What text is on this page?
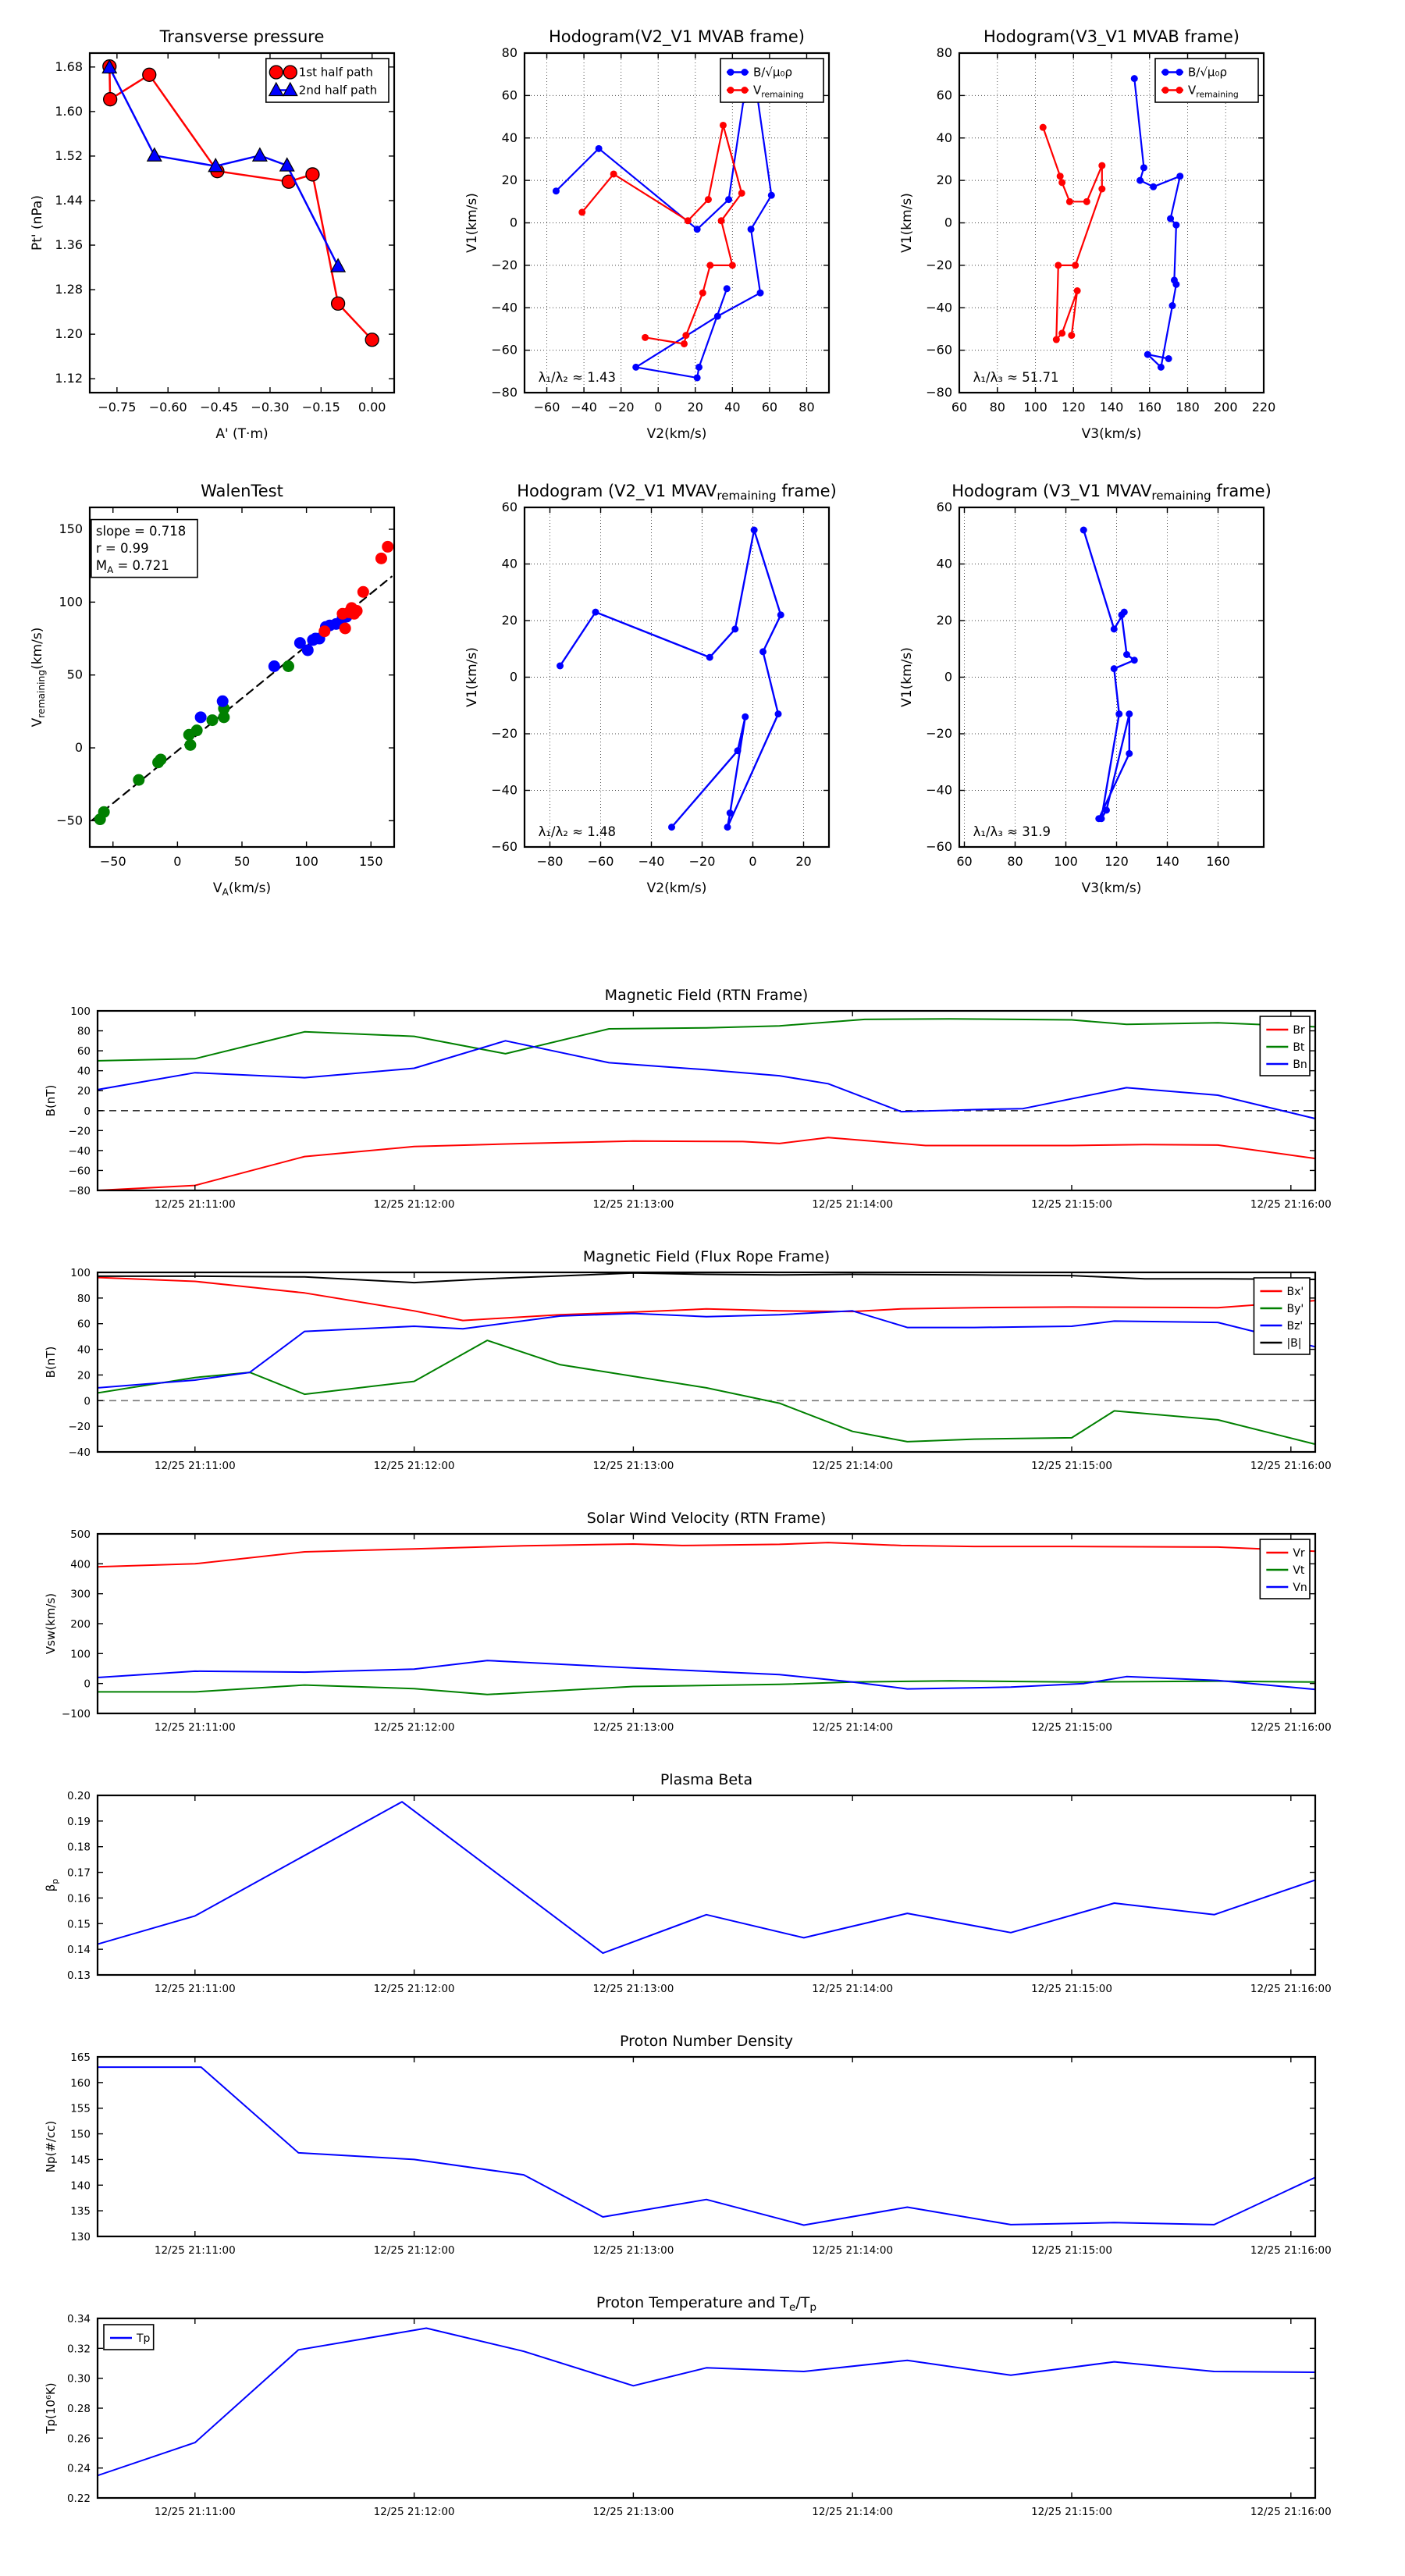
−0.75 −0.60 −0.45 −0.30 −0.15 0.00
1.12
1.20
1.28
1.36
1.44
1.52
1.60
1.68
Transverse pressure
A' (T·m)
Pt' (nPa)
1st half path
2nd half path
−60 −40 −20 0 20 40 60 80
−80
−60
−40
−20
0
20
40
60
80
Hodogram(V2_V1 MVAB frame)
V2(km/s)
V1(km/s)
B/√μ₀ρ
$V_{remaining}$
λ₁/λ₂ ≈ 1.43
60 80 100 120 140 160 180 200 220
−80
−60
−40
−20
0
20
40
60
80
Hodogram(V3_V1 MVAB frame)
V3(km/s)
V1(km/s)
B/√μ₀ρ
$V_{remaining}$
λ₁/λ₃ ≈ 51.71
−50	0	50	100	150
−50
0
50
100
150
WalenTest
$V_A(km/s)$
$V_{remaining}(km/s)$
slope = 0.718
r = 0.99
$M_A = 0.721$
−80 −60 −40 −20	0	20
−60
−40
−20
0
20
40
60
Hodogram (V2_V1 MVAVremaining frame)
V2(km/s)
V1(km/s)
λ₁/λ₂ ≈ 1.48
60	80 100 120 140 160
−60
−40
−20
0
20
40
60
Hodogram (V3_V1 MVAVremaining frame)
V3(km/s)
V1(km/s)
λ₁/λ₃ ≈ 31.9
12/25 21:11:00	12/25 21:12:00	12/25 21:13:00	12/25 21:14:00	12/25 21:15:00	12/25 21:16:00
−80
−60
−40
−20
0
20
40
60
80
100
Magnetic Field (RTN Frame)
B(nT)
Br
Bt
Bn
12/25 21:11:00	12/25 21:12:00	12/25 21:13:00	12/25 21:14:00	12/25 21:15:00	12/25 21:16:00
−40
−20
0
20
40
60
80
100
Magnetic Field (Flux Rope Frame)
B(nT)
Bx'
By'
Bz'
|B|
12/25 21:11:00	12/25 21:12:00	12/25 21:13:00	12/25 21:14:00	12/25 21:15:00	12/25 21:16:00
−100
0
100
200
300
400
500
Solar Wind Velocity (RTN Frame)
Vsw(km/s)
Vr
Vt
Vn
12/25 21:11:00	12/25 21:12:00	12/25 21:13:00	12/25 21:14:00	12/25 21:15:00	12/25 21:16:00
0.13
0.14
0.15
0.16
0.17
0.18
0.19
0.20
Plasma Beta
$\beta_p$
12/25 21:11:00	12/25 21:12:00	12/25 21:13:00	12/25 21:14:00	12/25 21:15:00	12/25 21:16:00
130
135
140
145
150
155
160
165
Proton Number Density
Np(#/cc)
12/25 21:11:00	12/25 21:12:00	12/25 21:13:00	12/25 21:14:00	12/25 21:15:00	12/25 21:16:00
0.22
0.24
0.26
0.28
0.30
0.32
0.34
Proton Temperature and $T_e/T_p$
Tp(10⁶K)
Tp
